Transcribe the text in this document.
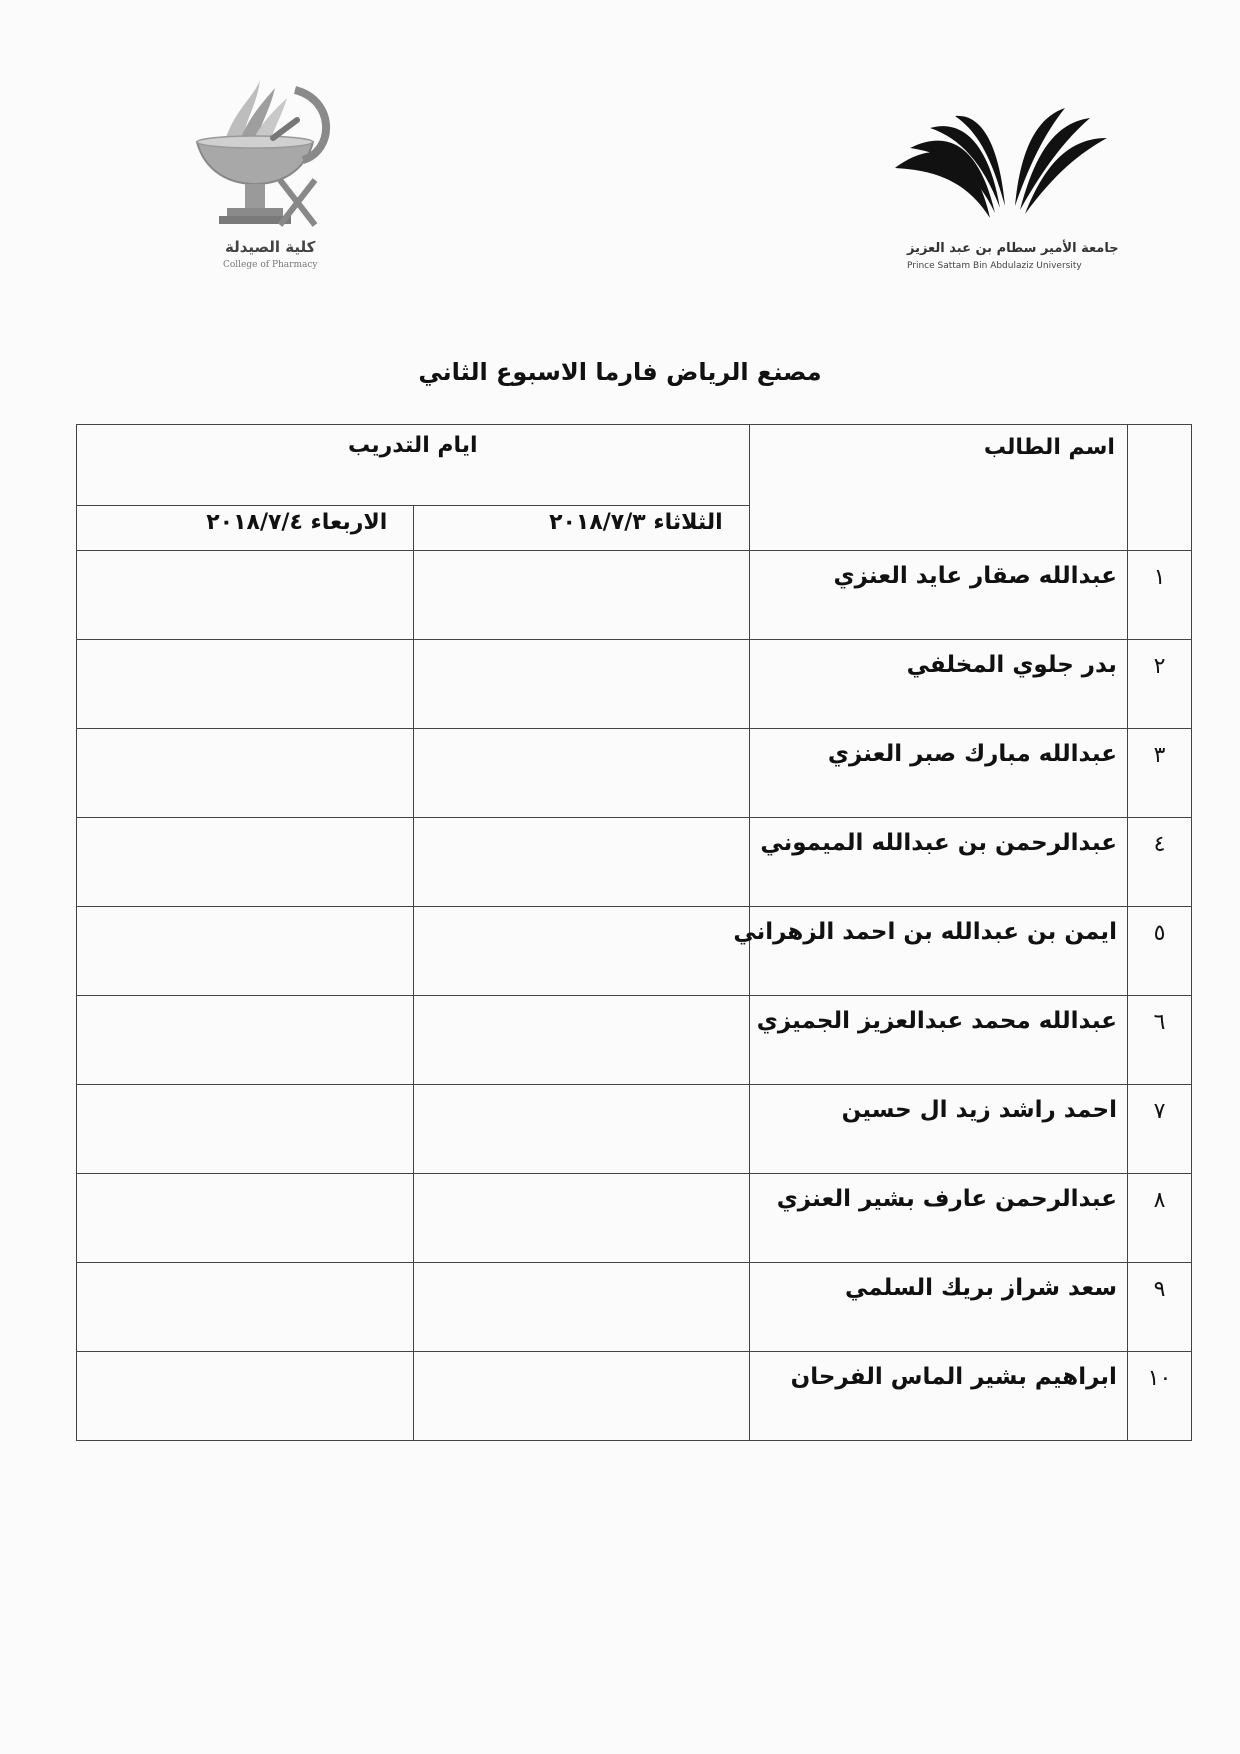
كلية الصيدلة
College of Pharmacy
جامعة الأمير سطام بن عبد العزيز
Prince Sattam Bin Abdulaziz University
مصنع الرياض فارما الاسبوع الثاني
	اسم الطالب	ايام التدريب	
		الثلاثاء ٢٠١٨/٧/٣	الاربعاء ٢٠١٨/٧/٤
١	عبدالله صقار عايد العنزي		
٢	بدر جلوي المخلفي		
٣	عبدالله مبارك صبر العنزي		
٤	عبدالرحمن بن عبدالله الميموني		
٥	ايمن بن عبدالله بن احمد الزهراني		
٦	عبدالله محمد عبدالعزيز الجميزي		
٧	احمد راشد زيد ال حسين		
٨	عبدالرحمن عارف بشير العنزي		
٩	سعد شراز بريك السلمي		
١٠	ابراهيم بشير الماس الفرحان		
